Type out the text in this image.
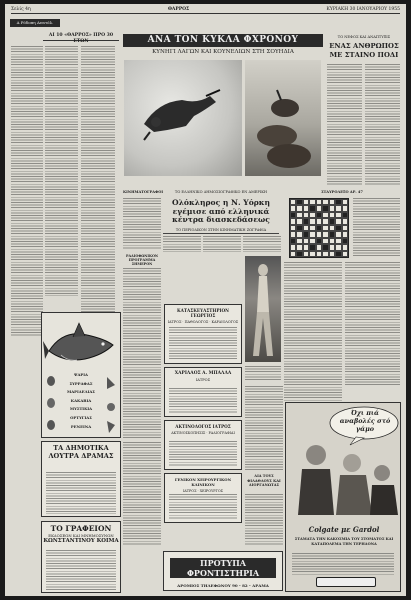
Σελίς 4η	ΘΑΡΡΟΣ	ΚΥΡΙΑΚΗ 30 ΙΑΝΟΥΑΡΙΟΥ 1955
Α Ρόδοπη Ανατόλ.
ΑΙ 10 «ΘΑΡΡΟΣ» ΠΡΟ 30 ΕΤΩΝ
ΨΑΡΙΑ
ΣΥΡΡΑΦΑΣ
ΜΑΡΙΔΕΛΙΑΣ
ΚΑΚΑΒΙΑ
ΜΥΣΤΙΚΙΑ
ΟΡΤΥΓΙΑΣ
ΡΕΝΕΙΝΑ
ΤΑ ΔΗΜΟΤΙΚΑ ΛΟΥΤΡΑ ΔΡΑΜΑΣ
ΤΟ ΓΡΑΦΕΙΟΝ
ΕΚΔΟΣΕΩΝ ΚΑΙ ΜΝΗΜΟΣΥΝΩΝ
ΚΩΝΣΤΑΝΤΙΝΟΥ ΚΟΙΜΑ
ΑΝΑ ΤΟΝ ΚΥΚΛΑ ΦΧΡΟΝΟΥ
ΚΥΝΗΓΙ ΛΑΓΩΝ ΚΑΙ ΚΟΥΝΕΛΙΩΝ ΣΤΗ ΣΟΥΗΔΙΑ
ΤΟ ΝΕΦΟΣ ΚΑΙ ΑΝΑΠΤΥΞΙΣ
ΕΝΑΣ ΑΝΘΡΩΠΟΣ ΜΕ ΣΤΑΙΝΟ ΠΟΔΙ
ΚΙΝΗΜΑΤΟΓΡΑΦΟΙ	ΤΟ ΕΛΛΗΝΙΚΟ ΔΗΜΟΣΙΟΓΡΑΦΙΚΟ ΕΝ ΑΜΕΡΙΚΗ
Ολόκληρος η Ν. Υόρκη εγέμισε από ελληνικά κέντρα διασκεδάσεως
ΤΟ ΠΕΡΙΟΔΙΚΟΝ ΣΤΗΝ ΚΙΝΗΜΑΤΙΚΗ ΖΩΓΡΑΦΙΑ
ΡΑΔΙΟΦΩΝΙΚΟΝ ΠΡΟΓΡΑΜΜΑ ΣΗΜΕΡΟΝ
ΣΤΑΥΡΟΛΕΞΟ ΑΡ. 47
ΚΑΤΑΣΚΕΥΑΣΤΗΡΙΟΝ ΓΕΩΡΓΙΟΣ
ΙΑΤΡΟΣ · ΠΑΘΟΛΟΓΟΣ · ΚΑΡΔΙΟΛΟΓΟΣ
ΧΑΡΙΛΑΟΣ Α. ΜΠΑΛΛΑ
ΙΑΤΡΟΣ
ΑΚΤΙΝΟΛΟΓΟΣ ΙΑΤΡΟΣ
ΑΚΤΙΝΟΣΚΟΠΗΣΙΣ · ΡΑΔΙΟΓΡΑΦΙΑΙ
ΓΕΝΙΚΟΝ ΧΕΙΡΟΥΡΓΙΚΟΝ ΚΛΙΝΙΚΟΝ
ΙΑΤΡΟΣ · ΧΕΙΡΟΥΡΓΟΣ
ΔΙΑ ΤΟΥΣ ΦΙΛΑΘΛΟΥΣ ΚΑΙ ΔΙΟΡΓΑΝΩΤΑΣ
ΠΡΟΤΥΠΑ ΦΡΟΝΤΙΣΤΗΡΙΑ
ΑΡΟΜΙΟΣ ΤΗΛΕΦΩΝΟΥ 90 - 82 - ΔΡΑΜΑ
Όχι πιά αναβολές στό γάμο
Colgate με Gardol
ΣΤΑΜΑΤΑ ΤΗΝ ΚΑΚΟΣΜΙΑ ΤΟΥ ΣΤΟΜΑΤΟΣ ΚΑΙ ΚΑΤΑΠΟΛΕΜΑ ΤΗΝ ΤΕΡΗΔΟΝΑ
